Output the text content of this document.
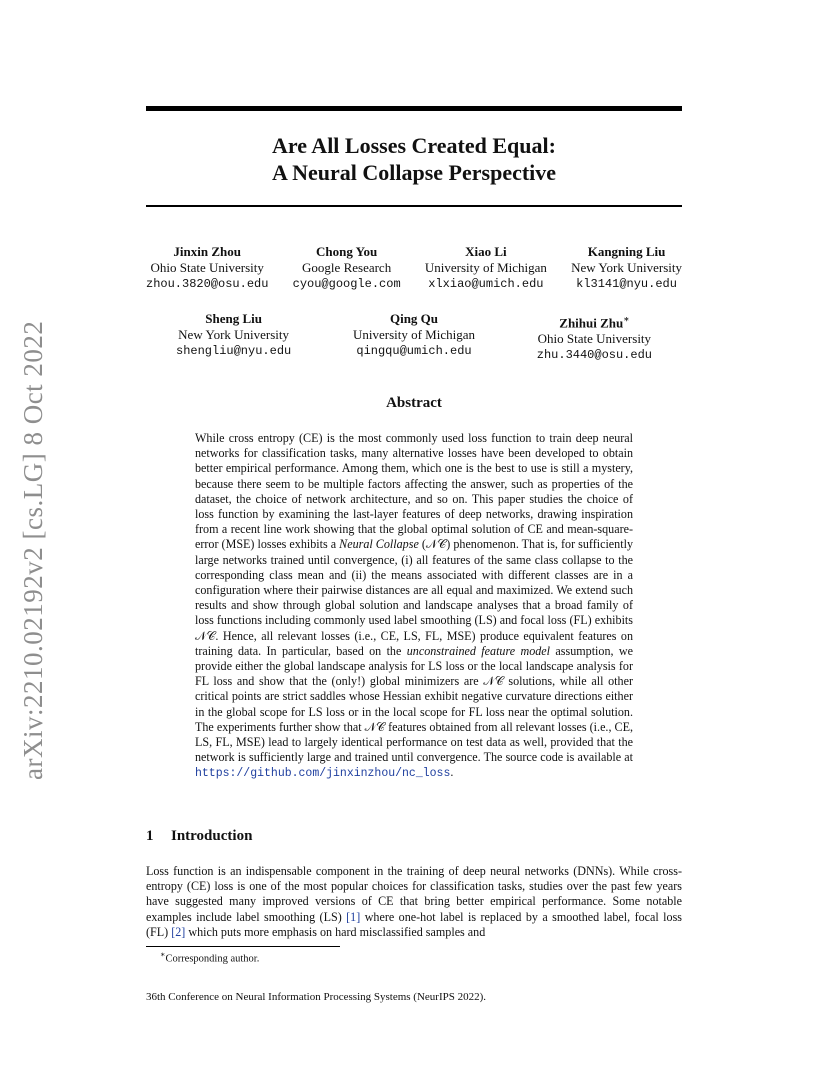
arXiv:2210.02192v2 [cs.LG] 8 Oct 2022
Are All Losses Created Equal:
A Neural Collapse Perspective
Jinxin Zhou
Ohio State University
zhou.3820@osu.edu
Chong You
Google Research
cyou@google.com
Xiao Li
University of Michigan
xlxiao@umich.edu
Kangning Liu
New York University
kl3141@nyu.edu
Sheng Liu
New York University
shengliu@nyu.edu
Qing Qu
University of Michigan
qingqu@umich.edu
Zhihui Zhu∗
Ohio State University
zhu.3440@osu.edu
Abstract
While cross entropy (CE) is the most commonly used loss function to train deep neural networks for classification tasks, many alternative losses have been developed to obtain better empirical performance. Among them, which one is the best to use is still a mystery, because there seem to be multiple factors affecting the answer, such as properties of the dataset, the choice of network architecture, and so on. This paper studies the choice of loss function by examining the last-layer features of deep networks, drawing inspiration from a recent line work showing that the global optimal solution of CE and mean-square-error (MSE) losses exhibits a Neural Collapse (𝒩𝒞) phenomenon. That is, for sufficiently large networks trained until convergence, (i) all features of the same class collapse to the corresponding class mean and (ii) the means associated with different classes are in a configuration where their pairwise distances are all equal and maximized. We extend such results and show through global solution and landscape analyses that a broad family of loss functions including commonly used label smoothing (LS) and focal loss (FL) exhibits 𝒩𝒞. Hence, all relevant losses (i.e., CE, LS, FL, MSE) produce equivalent features on training data. In particular, based on the unconstrained feature model assumption, we provide either the global landscape analysis for LS loss or the local landscape analysis for FL loss and show that the (only!) global minimizers are 𝒩𝒞 solutions, while all other critical points are strict saddles whose Hessian exhibit negative curvature directions either in the global scope for LS loss or in the local scope for FL loss near the optimal solution. The experiments further show that 𝒩𝒞 features obtained from all relevant losses (i.e., CE, LS, FL, MSE) lead to largely identical performance on test data as well, provided that the network is sufficiently large and trained until convergence. The source code is available at https://github.com/jinxinzhou/nc_loss.
1 Introduction
Loss function is an indispensable component in the training of deep neural networks (DNNs). While cross-entropy (CE) loss is one of the most popular choices for classification tasks, studies over the past few years have suggested many improved versions of CE that bring better empirical performance. Some notable examples include label smoothing (LS) [1] where one-hot label is replaced by a smoothed label, focal loss (FL) [2] which puts more emphasis on hard misclassified samples and
∗Corresponding author.
36th Conference on Neural Information Processing Systems (NeurIPS 2022).
